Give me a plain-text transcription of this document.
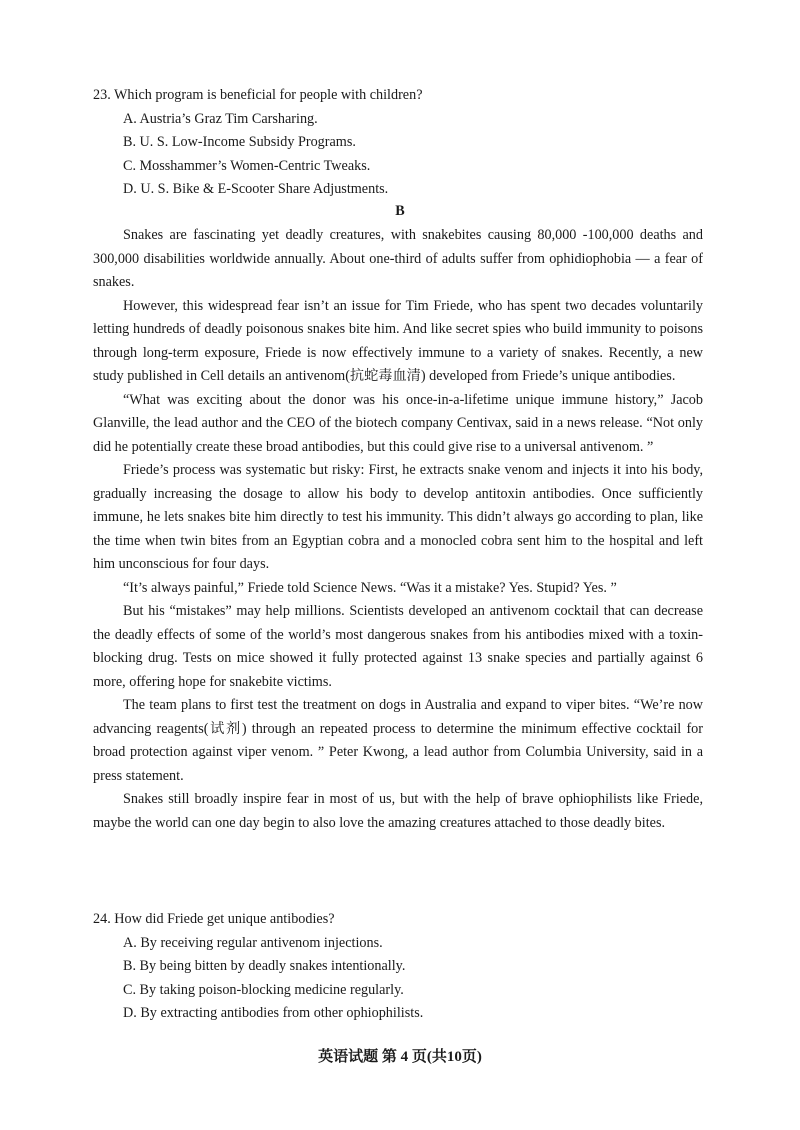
23. Which program is beneficial for people with children?

A. Austria’s Graz Tim Carsharing.

B. U. S. Low-Income Subsidy Programs.

C. Mosshammer’s Women-Centric Tweaks.

D. U. S. Bike & E-Scooter Share Adjustments.

B

Snakes are fascinating yet deadly creatures, with snakebites causing 80,000 -100,000 deaths and 300,000 disabilities worldwide annually. About one-third of adults suffer from ophidiophobia — a fear of snakes.

However, this widespread fear isn’t an issue for Tim Friede, who has spent two decades voluntarily letting hundreds of deadly poisonous snakes bite him. And like secret spies who build immunity to poisons through long-term exposure, Friede is now effectively immune to a variety of snakes. Recently, a new study published in Cell details an antivenom(抗蛇毒血清) developed from Friede’s unique antibodies.

“What was exciting about the donor was his once-in-a-lifetime unique immune history,” Jacob Glanville, the lead author and the CEO of the biotech company Centivax, said in a news release. “Not only did he potentially create these broad antibodies, but this could give rise to a universal antivenom. ”

Friede’s process was systematic but risky: First, he extracts snake venom and injects it into his body, gradually increasing the dosage to allow his body to develop antitoxin antibodies. Once sufficiently immune, he lets snakes bite him directly to test his immunity. This didn’t always go according to plan, like the time when twin bites from an Egyptian cobra and a monocled cobra sent him to the hospital and left him unconscious for four days.

“It’s always painful,” Friede told Science News. “Was it a mistake? Yes. Stupid? Yes. ”

But his “mistakes” may help millions. Scientists developed an antivenom cocktail that can decrease the deadly effects of some of the world’s most dangerous snakes from his antibodies mixed with a toxin-blocking drug. Tests on mice showed it fully protected against 13 snake species and partially against 6 more, offering hope for snakebite victims.

The team plans to first test the treatment on dogs in Australia and expand to viper bites. “We’re now advancing reagents(试剂) through an repeated process to determine the minimum effective cocktail for broad protection against viper venom. ” Peter Kwong, a lead author from Columbia University, said in a press statement.

Snakes still broadly inspire fear in most of us, but with the help of brave ophiophilists like Friede, maybe the world can one day begin to also love the amazing creatures attached to those deadly bites.

24. How did Friede get unique antibodies?

A. By receiving regular antivenom injections.

B. By being bitten by deadly snakes intentionally.

C. By taking poison-blocking medicine regularly.

D. By extracting antibodies from other ophiophilists.

英语试题 第 4 页(共10页)
